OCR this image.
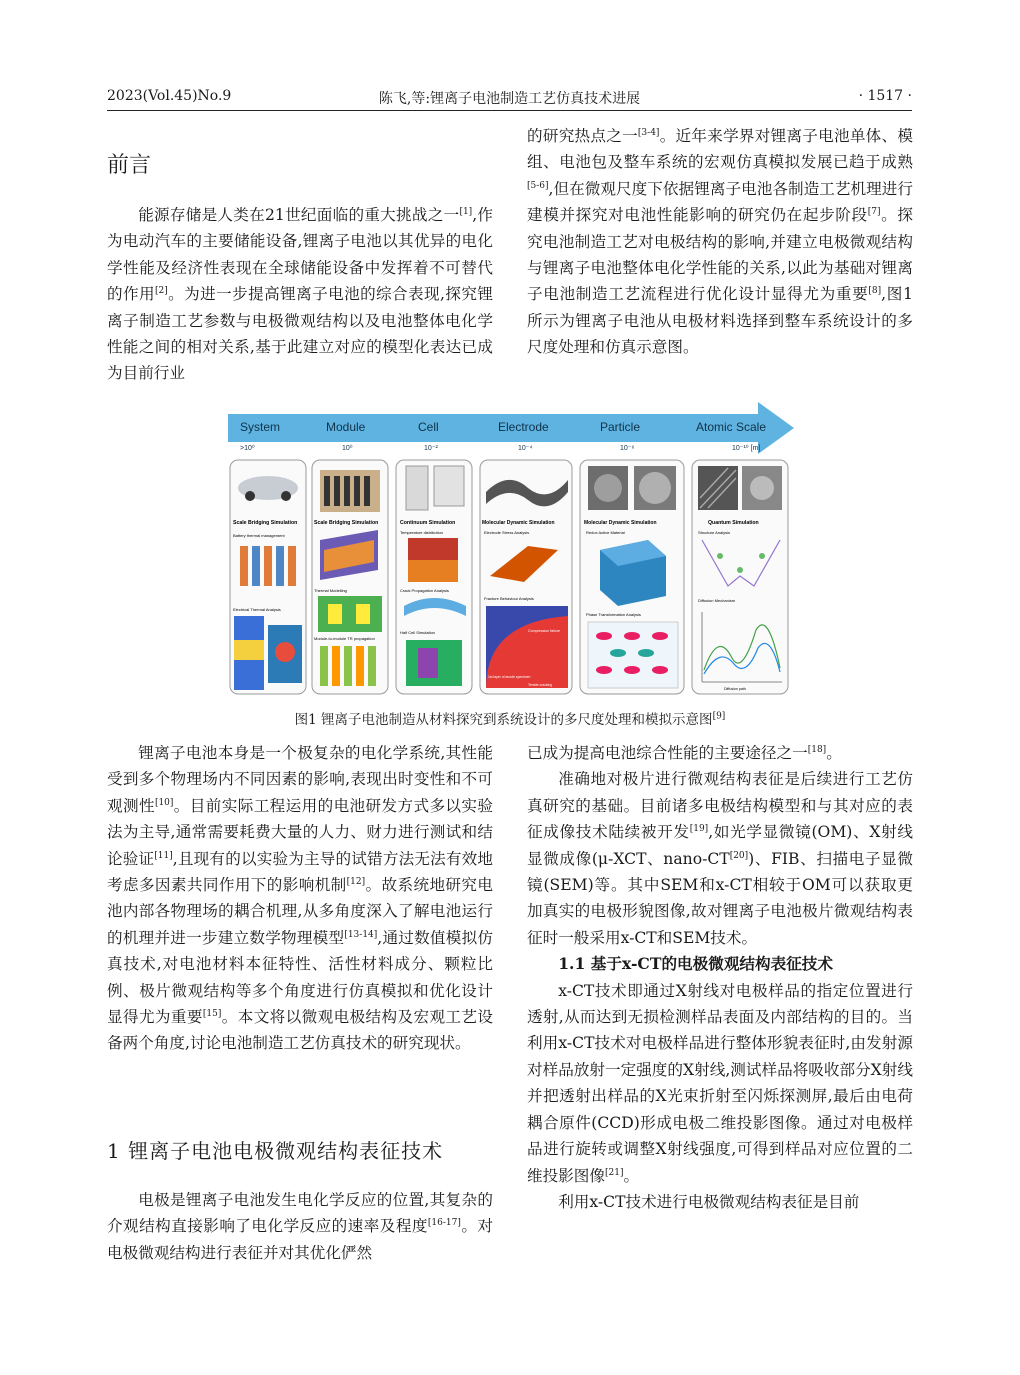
2023(Vol.45)No.9	陈飞,等:锂离子电池制造工艺仿真技术进展	· 1517 ·
前言

能源存储是人类在21世纪面临的重大挑战之一[1],作为电动汽车的主要储能设备,锂离子电池以其优异的电化学性能及经济性表现在全球储能设备中发挥着不可替代的作用[2]。为进一步提高锂离子电池的综合表现,探究锂离子制造工艺参数与电极微观结构以及电池整体电化学性能之间的相对关系,基于此建立对应的模型化表达已成为目前行业

的研究热点之一[3-4]。近年来学界对锂离子电池单体、模组、电池包及整车系统的宏观仿真模拟发展已趋于成熟[5-6],但在微观尺度下依据锂离子电池各制造工艺机理进行建模并探究对电池性能影响的研究仍在起步阶段[7]。探究电池制造工艺对电极结构的影响,并建立电极微观结构与锂离子电池整体电化学性能的关系,以此为基础对锂离子电池制造工艺流程进行优化设计显得尤为重要[8],图1所示为锂离子电池从电极材料选择到整车系统设计的多尺度处理和仿真示意图。

System	Module	Cell	Electrode	Particle	Atomic Scale
>10⁰	10⁰	10⁻²	10⁻⁴	10⁻⁶	10⁻¹⁰ [m]
Scale Bridging Simulation
Battery thermal management
Electrical Thermal Analysis
Scale Bridging Simulation
Thermal Modelling
Module-to-module TR propagation
Continuum Simulation
Temperature distribution
Crack Propagation Analysis
Half Cell Simulation
Molecular Dynamic Simulation
Electrode Stress Analysis
Fracture Behaviour Analysis
Compression failure
1st layer of anode specimen
Tensile cracking
Molecular Dynamic Simulation
Redox Active Material
Phase Transformation Analysis
Quantum Simulation
Structure Analysis
Diffusion Mechanism
Diffusion path
图1 锂离子电池制造从材料探究到系统设计的多尺度处理和模拟示意图[9]

锂离子电池本身是一个极复杂的电化学系统,其性能受到多个物理场内不同因素的影响,表现出时变性和不可观测性[10]。目前实际工程运用的电池研发方式多以实验法为主导,通常需要耗费大量的人力、财力进行测试和结论验证[11],且现有的以实验为主导的试错方法无法有效地考虑多因素共同作用下的影响机制[12]。故系统地研究电池内部各物理场的耦合机理,从多角度深入了解电池运行的机理并进一步建立数学物理模型[13-14],通过数值模拟仿真技术,对电池材料本征特性、活性材料成分、颗粒比例、极片微观结构等多个角度进行仿真模拟和优化设计显得尤为重要[15]。本文将以微观电极结构及宏观工艺设备两个角度,讨论电池制造工艺仿真技术的研究现状。

1 锂离子电池电极微观结构表征技术

电极是锂离子电池发生电化学反应的位置,其复杂的介观结构直接影响了电化学反应的速率及程度[16-17]。对电极微观结构进行表征并对其优化俨然

已成为提高电池综合性能的主要途径之一[18]。

准确地对极片进行微观结构表征是后续进行工艺仿真研究的基础。目前诸多电极结构模型和与其对应的表征成像技术陆续被开发[19],如光学显微镜(OM)、X射线显微成像(μ-XCT、nano-CT[20])、FIB、扫描电子显微镜(SEM)等。其中SEM和x-CT相较于OM可以获取更加真实的电极形貌图像,故对锂离子电池极片微观结构表征时一般采用x-CT和SEM技术。

1.1 基于x-CT的电极微观结构表征技术

x-CT技术即通过X射线对电极样品的指定位置进行透射,从而达到无损检测样品表面及内部结构的目的。当利用x-CT技术对电极样品进行整体形貌表征时,由发射源对样品放射一定强度的X射线,测试样品将吸收部分X射线并把透射出样品的X光束折射至闪烁探测屏,最后由电荷耦合原件(CCD)形成电极二维投影图像。通过对电极样品进行旋转或调整X射线强度,可得到样品对应位置的二维投影图像[21]。

利用x-CT技术进行电极微观结构表征是目前
